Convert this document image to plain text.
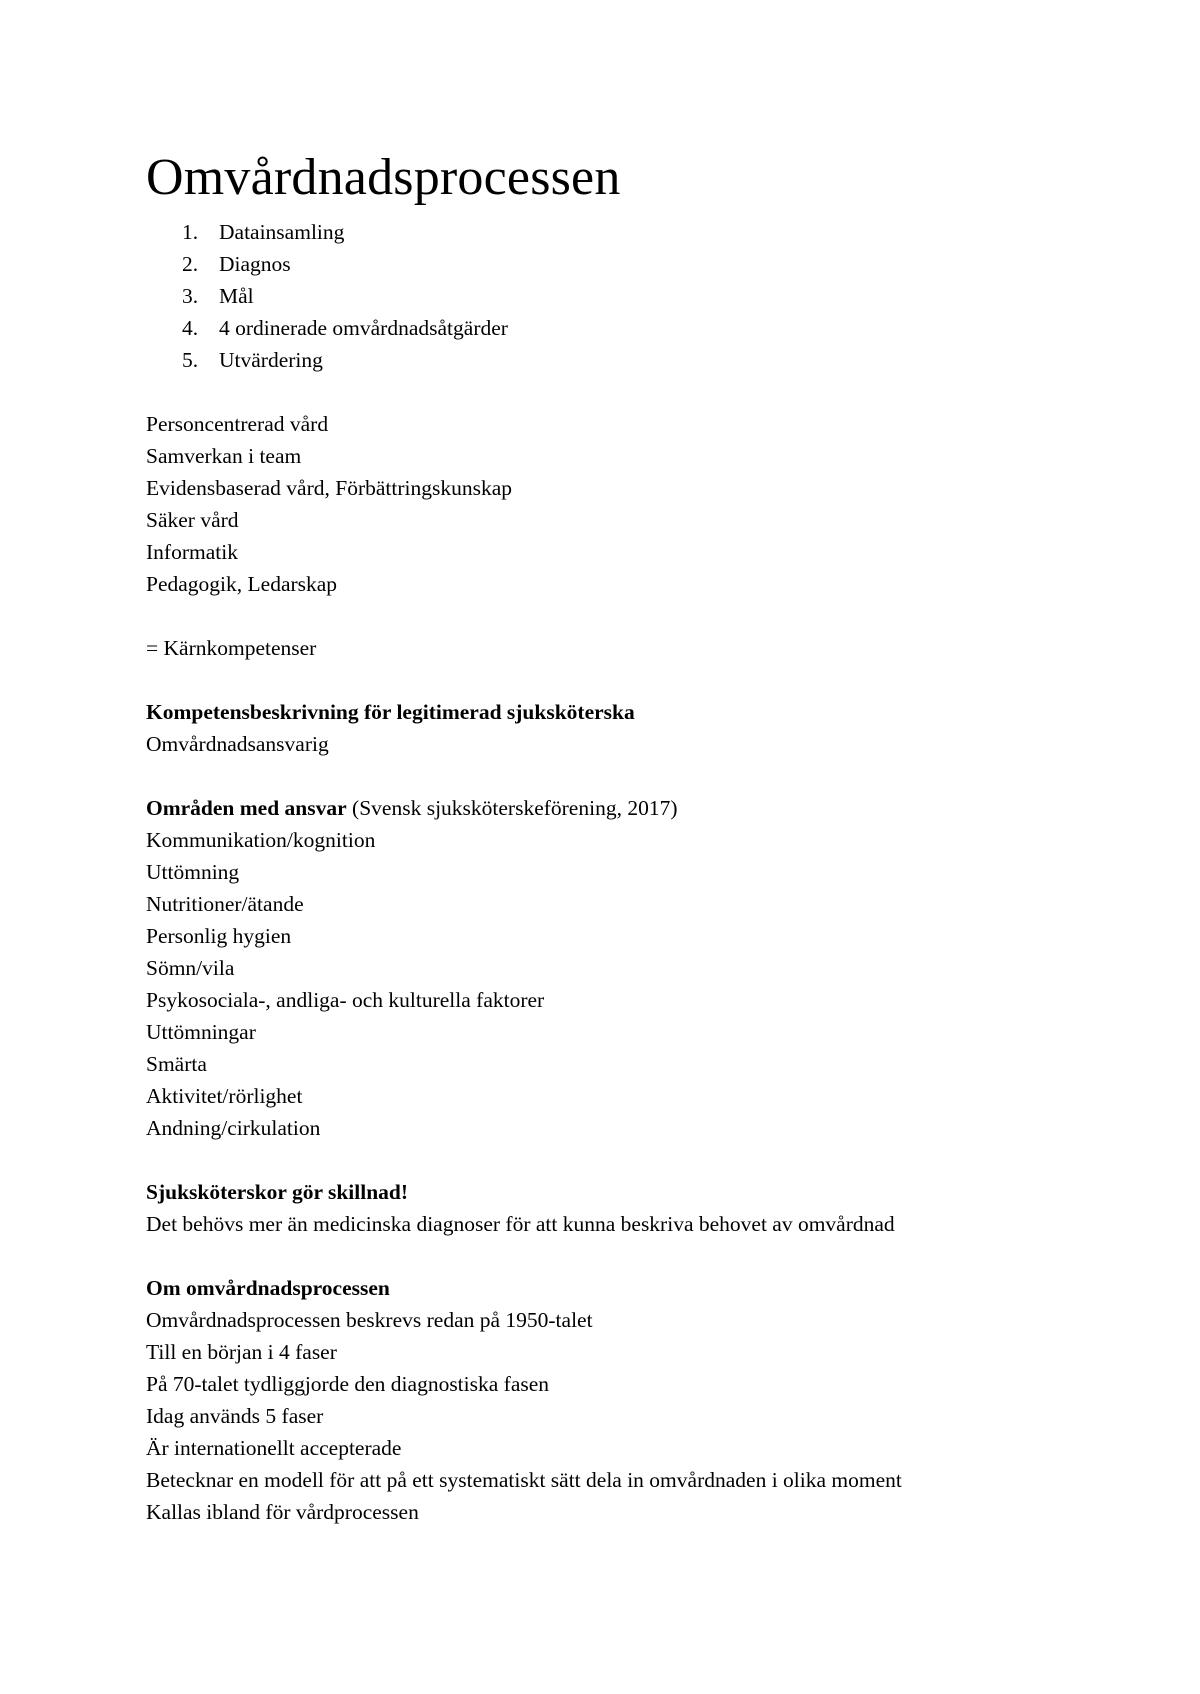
Omvårdnadsprocessen
1. Datainsamling
2. Diagnos
3. Mål
4. 4 ordinerade omvårdnadsåtgärder
5. Utvärdering
Personcentrerad vård
Samverkan i team
Evidensbaserad vård, Förbättringskunskap
Säker vård
Informatik
Pedagogik, Ledarskap
= Kärnkompetenser
Kompetensbeskrivning för legitimerad sjuksköterska
Omvårdnadsansvarig
Områden med ansvar (Svensk sjuksköterskeförening, 2017)
Kommunikation/kognition
Uttömning
Nutritioner/ätande
Personlig hygien
Sömn/vila
Psykosociala-, andliga- och kulturella faktorer
Uttömningar
Smärta
Aktivitet/rörlighet
Andning/cirkulation
Sjuksköterskor gör skillnad!
Det behövs mer än medicinska diagnoser för att kunna beskriva behovet av omvårdnad
Om omvårdnadsprocessen
Omvårdnadsprocessen beskrevs redan på 1950-talet
Till en början i 4 faser
På 70-talet tydliggjorde den diagnostiska fasen
Idag används 5 faser
Är internationellt accepterade
Betecknar en modell för att på ett systematiskt sätt dela in omvårdnaden i olika moment
Kallas ibland för vårdprocessen
